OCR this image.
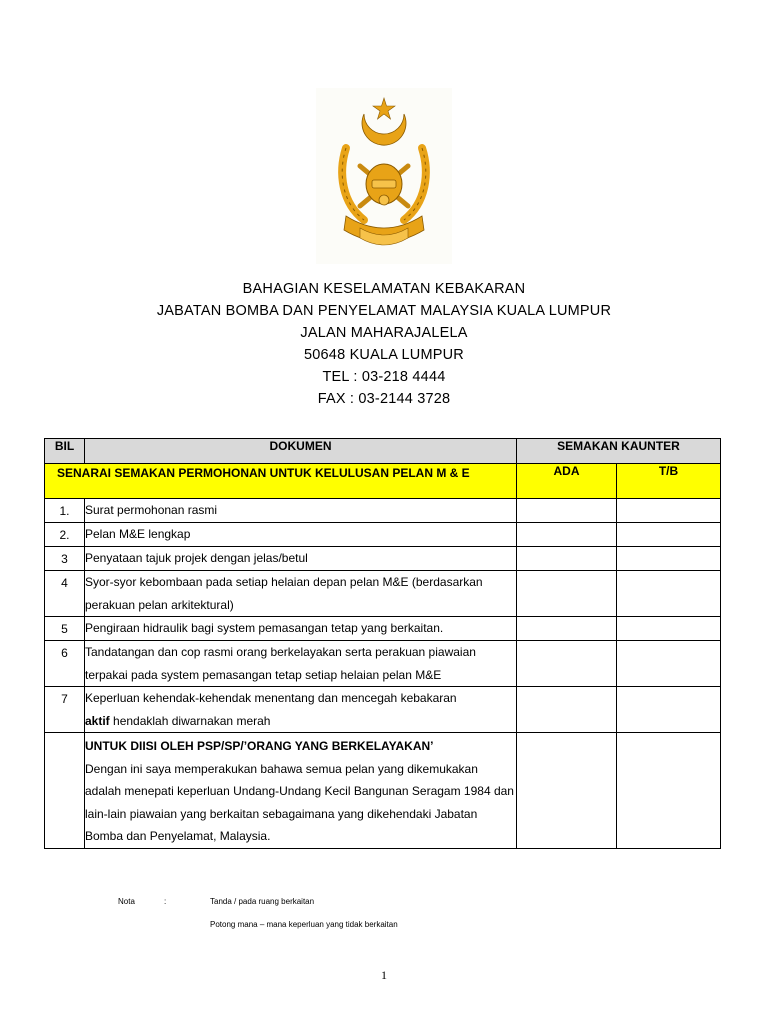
BAHAGIAN KESELAMATAN KEBAKARAN
JABATAN BOMBA DAN PENYELAMAT MALAYSIA KUALA LUMPUR
JALAN MAHARAJALELA
50648 KUALA LUMPUR
TEL : 03-218 4444
FAX : 03-2144 3728
BIL	DOKUMEN	SEMAKAN KAUNTER	
SENARAI SEMAKAN PERMOHONAN UNTUK KELULUSAN PELAN M & E		ADA	T/B

1.	Surat permohonan rasmi		

2.	Pelan M&E lengkap		

3	Penyataan tajuk projek dengan jelas/betul		

4	Syor-syor kebombaan pada setiap helaian depan pelan M&E (berdasarkan perakuan pelan arkitektural)		

5	Pengiraan hidraulik bagi system pemasangan tetap yang berkaitan.		

6	Tandatangan dan cop rasmi orang berkelayakan serta perakuan piawaian terpakai pada system pemasangan tetap setiap helaian pelan M&E		

7	Keperluan kehendak-kehendak menentang dan mencegah kebakaran
aktif hendaklah diwarnakan merah		

	UNTUK DIISI OLEH PSP/SP/’ORANG YANG BERKELAYAKAN’
Dengan ini saya memperakukan bahawa semua pelan yang dikemukakan adalah menepati keperluan Undang-Undang Kecil Bangunan Seragam 1984 dan lain-lain piawaian yang berkaitan sebagaimana yang dikehendaki Jabatan Bomba dan Penyelamat, Malaysia.		
Nota	:	Tanda / pada ruang berkaitan
Potong mana – mana keperluan yang tidak berkaitan
1
